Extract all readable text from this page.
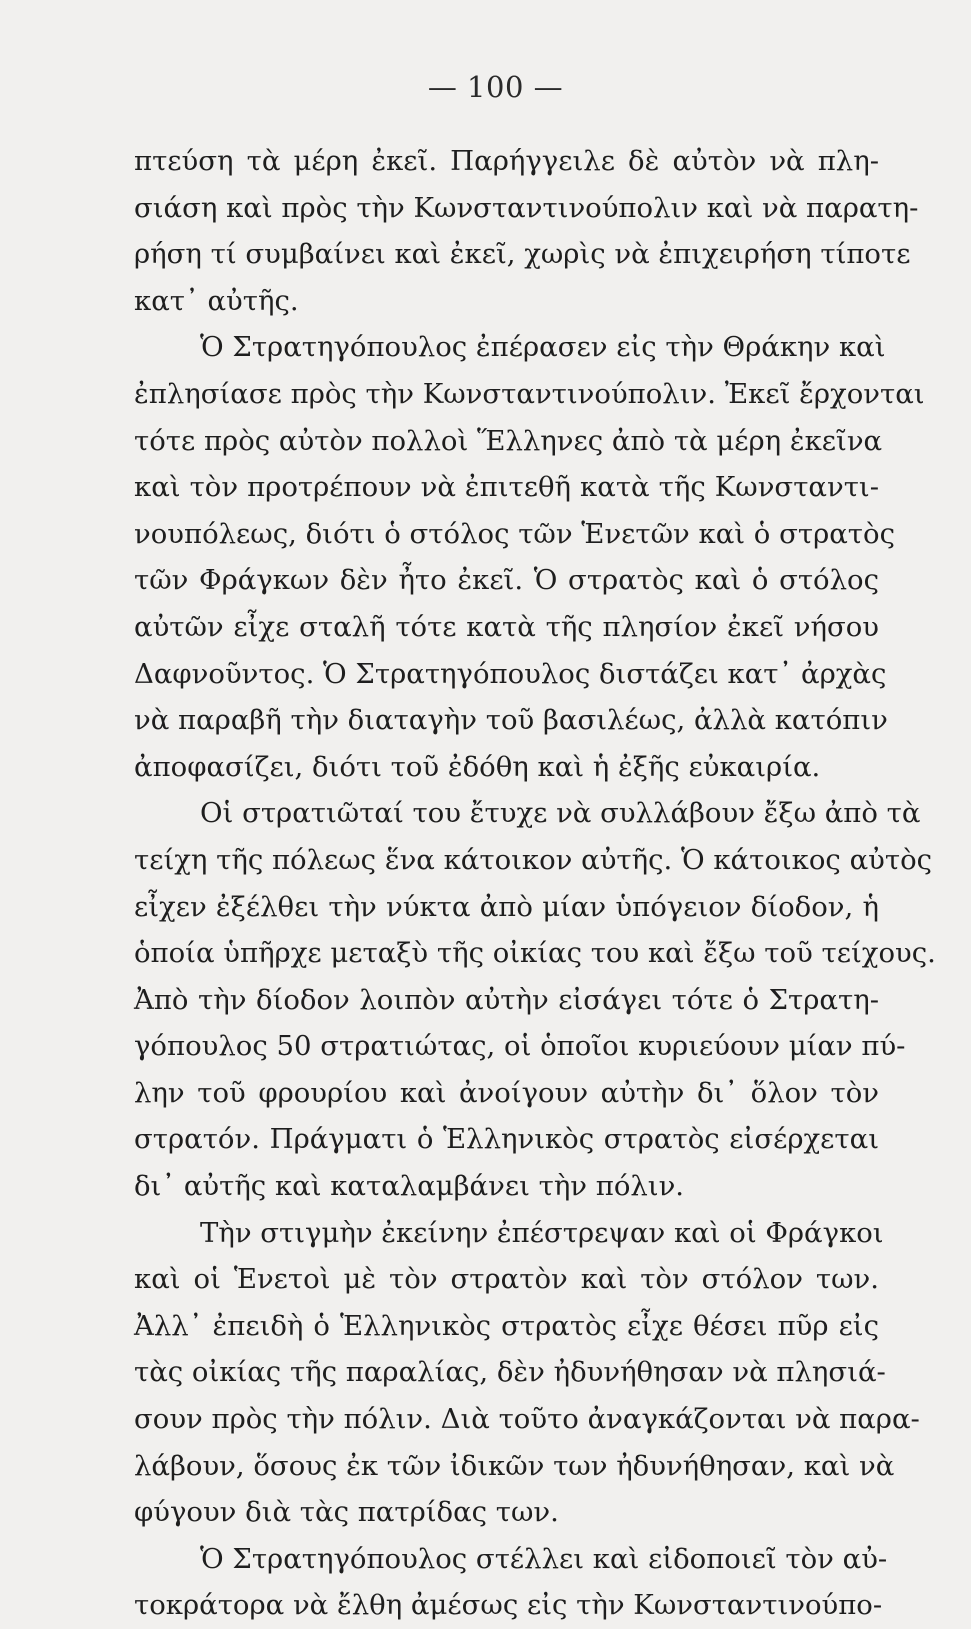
— 100 —
πτεύση τὰ μέρη ἐκεῖ. Παρήγγειλε δὲ αὐτὸν νὰ πλη-
σιάση καὶ πρὸς τὴν Κωνσταντινούπολιν καὶ νὰ παρατη-
ρήση τί συμβαίνει καὶ ἐκεῖ, χωρὶς νὰ ἐπιχειρήση τίποτε
κατ᾽ αὐτῆς.
Ὁ Στρατηγόπουλος ἐπέρασεν εἰς τὴν Θράκην καὶ
ἐπλησίασε πρὸς τὴν Κωνσταντινούπολιν. Ἐκεῖ ἔρχονται
τότε πρὸς αὐτὸν πολλοὶ Ἕλληνες ἀπὸ τὰ μέρη ἐκεῖνα
καὶ τὸν προτρέπουν νὰ ἐπιτεθῆ κατὰ τῆς Κωνσταντι-
νουπόλεως, διότι ὁ στόλος τῶν Ἑνετῶν καὶ ὁ στρατὸς
τῶν Φράγκων δὲν ἦτο ἐκεῖ. Ὁ στρατὸς καὶ ὁ στόλος
αὐτῶν εἶχε σταλῆ τότε κατὰ τῆς πλησίον ἐκεῖ νήσου
Δαφνοῦντος. Ὁ Στρατηγόπουλος διστάζει κατ᾽ ἀρχὰς
νὰ παραβῆ τὴν διαταγὴν τοῦ βασιλέως, ἀλλὰ κατόπιν
ἀποφασίζει, διότι τοῦ ἐδόθη καὶ ἡ ἐξῆς εὐκαιρία.
Οἱ στρατιῶταί του ἔτυχε νὰ συλλάβουν ἔξω ἀπὸ τὰ
τείχη τῆς πόλεως ἕνα κάτοικον αὐτῆς. Ὁ κάτοικος αὐτὸς
εἶχεν ἐξέλθει τὴν νύκτα ἀπὸ μίαν ὑπόγειον δίοδον, ἡ
ὁποία ὑπῆρχε μεταξὺ τῆς οἰκίας του καὶ ἔξω τοῦ τείχους.
Ἀπὸ τὴν δίοδον λοιπὸν αὐτὴν εἰσάγει τότε ὁ Στρατη-
γόπουλος 50 στρατιώτας, οἱ ὁποῖοι κυριεύουν μίαν πύ-
λην τοῦ φρουρίου καὶ ἀνοίγουν αὐτὴν δι᾽ ὅλον τὸν
στρατόν. Πράγματι ὁ Ἑλληνικὸς στρατὸς εἰσέρχεται
δι᾽ αὐτῆς καὶ καταλαμβάνει τὴν πόλιν.
Τὴν στιγμὴν ἐκείνην ἐπέστρεψαν καὶ οἱ Φράγκοι
καὶ οἱ Ἑνετοὶ μὲ τὸν στρατὸν καὶ τὸν στόλον των.
Ἀλλ᾽ ἐπειδὴ ὁ Ἑλληνικὸς στρατὸς εἶχε θέσει πῦρ εἰς
τὰς οἰκίας τῆς παραλίας, δὲν ἠδυνήθησαν νὰ πλησιά-
σουν πρὸς τὴν πόλιν. Διὰ τοῦτο ἀναγκάζονται νὰ παρα-
λάβουν, ὅσους ἐκ τῶν ἰδικῶν των ἠδυνήθησαν, καὶ νὰ
φύγουν διὰ τὰς πατρίδας των.
Ὁ Στρατηγόπουλος στέλλει καὶ εἰδοποιεῖ τὸν αὐ-
τοκράτορα νὰ ἔλθη ἀμέσως εἰς τὴν Κωνσταντινούπο-
